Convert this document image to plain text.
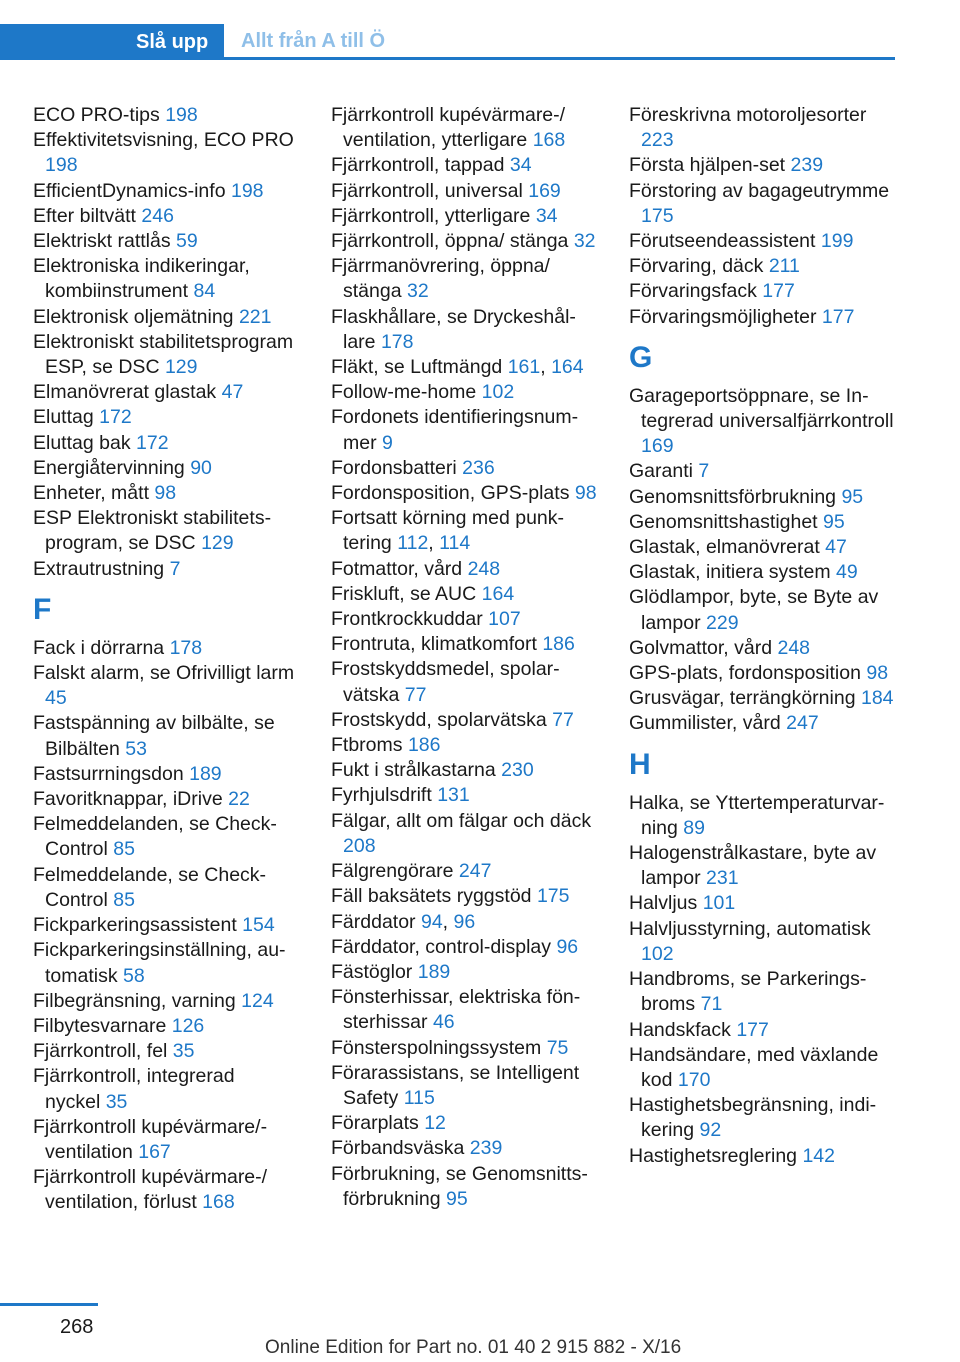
Slå upp	Allt från A till Ö
ECO PRO-tips 198
Effektivitetsvisning, ECO PRO 198
EfficientDynamics-info 198
Efter biltvätt 246
Elektriskt rattlås 59
Elektroniska indikeringar, kombiinstrument 84
Elektronisk oljemätning 221
Elektroniskt stabilitetsprogram ESP, se DSC 129
Elmanövrerat glastak 47
Eluttag 172
Eluttag bak 172
Energiåtervinning 90
Enheter, mått 98
ESP Elektroniskt stabilitetsprogram, se DSC 129
Extrautrustning 7
F
Fack i dörrarna 178
Falskt alarm, se Ofrivilligt larm 45
Fastspänning av bilbälte, se Bilbälten 53
Fastsurrningsdon 189
Favoritknappar, iDrive 22
Felmeddelanden, se Check-Control 85
Felmeddelande, se Check-Control 85
Fickparkeringsassistent 154
Fickparkeringsinställning, automatisk 58
Filbegränsning, varning 124
Filbytesvarnare 126
Fjärrkontroll, fel 35
Fjärrkontroll, integrerad nyckel 35
Fjärrkontroll kupévärmare/-ventilation 167
Fjärrkontroll kupévärmare-/ ventilation, förlust 168
Fjärrkontroll kupévärmare-/ ventilation, ytterligare 168
Fjärrkontroll, tappad 34
Fjärrkontroll, universal 169
Fjärrkontroll, ytterligare 34
Fjärrkontroll, öppna/ stänga 32
Fjärrmanövrering, öppna/ stänga 32
Flaskhållare, se Dryckeshållare 178
Fläkt, se Luftmängd 161, 164
Follow-me-home 102
Fordonets identifieringsnummer 9
Fordonsbatteri 236
Fordonsposition, GPS-plats 98
Fortsatt körning med punktering 112, 114
Fotmattor, vård 248
Friskluft, se AUC 164
Frontkrockkuddar 107
Frontruta, klimatkomfort 186
Frostskyddsmedel, spolarvätska 77
Frostskydd, spolarvätska 77
Ftbroms 186
Fukt i strålkastarna 230
Fyrhjulsdrift 131
Fälgar, allt om fälgar och däck 208
Fälgrengörare 247
Fäll baksätets ryggstöd 175
Färddator 94, 96
Färddator, control-display 96
Fästöglor 189
Fönsterhissar, elektriska fönsterhissar 46
Fönsterspolningssystem 75
Förarassistans, se Intelligent Safety 115
Förarplats 12
Förbandsväska 239
Förbrukning, se Genomsnittsförbrukning 95
Föreskrivna motoroljesorter 223
Första hjälpen-set 239
Förstoring av bagageutrymme 175
Förutseendeassistent 199
Förvaring, däck 211
Förvaringsfack 177
Förvaringsmöjligheter 177
G
Garageportsöppnare, se Integrerad universalfjärrkontroll 169
Garanti 7
Genomsnittsförbrukning 95
Genomsnittshastighet 95
Glastak, elmanövrerat 47
Glastak, initiera system 49
Glödlampor, byte, se Byte av lampor 229
Golvmattor, vård 248
GPS-plats, fordonsposition 98
Grusvägar, terrängkörning 184
Gummilister, vård 247
H
Halka, se Yttertemperaturvarning 89
Halogenstrålkastare, byte av lampor 231
Halvljus 101
Halvljusstyrning, automatisk 102
Handbroms, se Parkeringsbroms 71
Handskfack 177
Handsändare, med växlande kod 170
Hastighetsbegränsning, indikering 92
Hastighetsreglering 142
268
Online Edition for Part no. 01 40 2 915 882 - X/16
